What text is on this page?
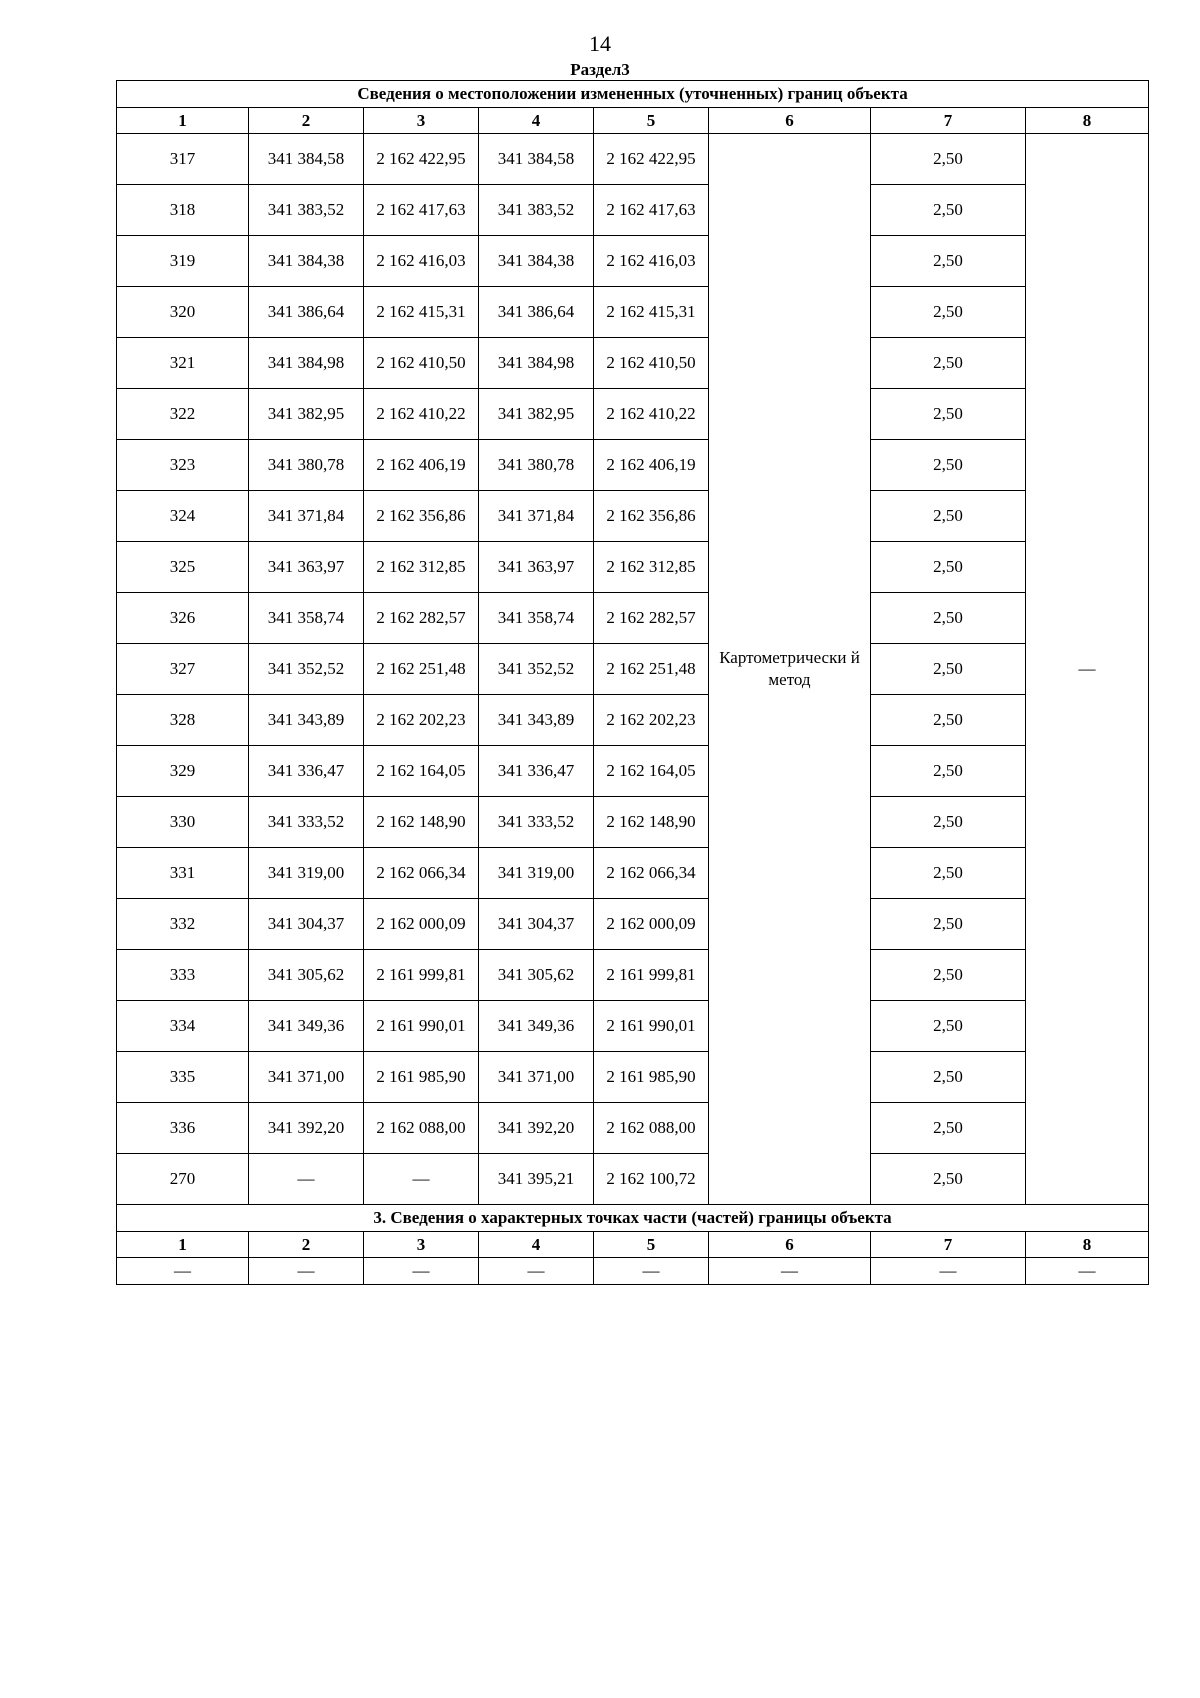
14
Раздел3
Сведения о местоположении измененных (уточненных) границ объекта							
1	2	3	4	5	6	7	8
317	341 384,58	2 162 422,95	341 384,58	2 162 422,95	Картометрически й метод	2,50	—
318	341 383,52	2 162 417,63	341 383,52	2 162 417,63		2,50	
319	341 384,38	2 162 416,03	341 384,38	2 162 416,03		2,50	
320	341 386,64	2 162 415,31	341 386,64	2 162 415,31		2,50	
321	341 384,98	2 162 410,50	341 384,98	2 162 410,50		2,50	
322	341 382,95	2 162 410,22	341 382,95	2 162 410,22		2,50	
323	341 380,78	2 162 406,19	341 380,78	2 162 406,19		2,50	
324	341 371,84	2 162 356,86	341 371,84	2 162 356,86		2,50	
325	341 363,97	2 162 312,85	341 363,97	2 162 312,85		2,50	
326	341 358,74	2 162 282,57	341 358,74	2 162 282,57		2,50	
327	341 352,52	2 162 251,48	341 352,52	2 162 251,48		2,50	
328	341 343,89	2 162 202,23	341 343,89	2 162 202,23		2,50	
329	341 336,47	2 162 164,05	341 336,47	2 162 164,05		2,50	
330	341 333,52	2 162 148,90	341 333,52	2 162 148,90		2,50	
331	341 319,00	2 162 066,34	341 319,00	2 162 066,34		2,50	
332	341 304,37	2 162 000,09	341 304,37	2 162 000,09		2,50	
333	341 305,62	2 161 999,81	341 305,62	2 161 999,81		2,50	
334	341 349,36	2 161 990,01	341 349,36	2 161 990,01		2,50	
335	341 371,00	2 161 985,90	341 371,00	2 161 985,90		2,50	
336	341 392,20	2 162 088,00	341 392,20	2 162 088,00		2,50	
270	—	—	341 395,21	2 162 100,72		2,50	
3. Сведения о характерных точках части (частей) границы объекта							
1	2	3	4	5	6	7	8
—	—	—	—	—	—	—	—
